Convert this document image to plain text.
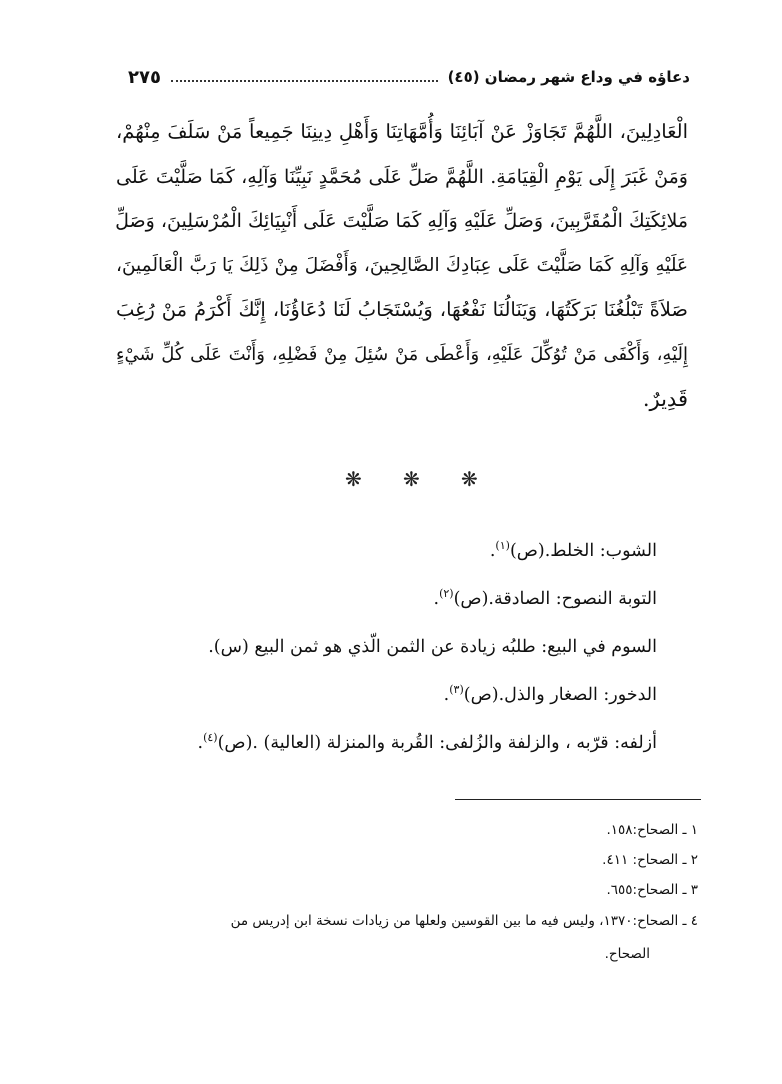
دعاؤه في وداع شهر رمضان (٤٥)
٢٧٥
الْعَادِلِينَ، اللَّهُمَّ تَجَاوَزْ عَنْ آبَائِنَا وَأُمَّهَاتِنَا وَأَهْلِ دِينِنَا جَمِيعاً مَنْ سَلَفَ مِنْهُمْ،
وَمَنْ غَبَرَ إِلَى يَوْمِ الْقِيَامَةِ. اللَّهُمَّ صَلِّ عَلَى مُحَمَّدٍ نَبِيِّنَا وَآلِهِ، كَمَا صَلَّيْتَ عَلَى
مَلائِكَتِكَ الْمُقَرَّبِينَ، وَصَلِّ عَلَيْهِ وَآلِهِ كَمَا صَلَّيْتَ عَلَى أَنْبِيَائِكَ الْمُرْسَلِينَ، وَصَلِّ
عَلَيْهِ وَآلِهِ كَمَا صَلَّيْتَ عَلَى عِبَادِكَ الصَّالِحِينَ، وَأَفْضَلَ مِنْ ذَلِكَ يَا رَبَّ الْعَالَمِينَ،
صَلاَةً تَبْلُغُنَا بَرَكَتُهَا، وَيَنَالُنَا نَفْعُهَا، وَيُسْتَجَابُ لَنَا دُعَاؤُنَا، إِنَّكَ أَكْرَمُ مَنْ رُغِبَ
إِلَيْهِ، وَأَكْفَى مَنْ تُوُكِّلَ عَلَيْهِ، وَأَعْطَى مَنْ سُئِلَ مِنْ فَضْلِهِ، وَأَنْتَ عَلَى كُلِّ شَيْءٍ
قَدِيرٌ.
❋ ❋ ❋
الشوب: الخلط.(ص)$^{(١)}$.
التوبة النصوح: الصادقة.(ص)$^{(٢)}$.
السوم في البيع: طلبُه زيادة عن الثمن الّذي هو ثمن البيع (س).
الدخور: الصغار والذل.(ص)$^{(٣)}$.
أزلفه: قرّبه ، والزلفة والزُلفى: القُربة والمنزلة (العالية) .(ص)$^{(٤)}$.
١ ـ الصحاح:١٥٨.
٢ ـ الصحاح: ٤١١.
٣ ـ الصحاح:٦٥٥.
٤ ـ الصحاح:١٣٧٠، وليس فيه ما بين القوسين ولعلها من زيادات نسخة ابن إدريس من
الصحاح.
